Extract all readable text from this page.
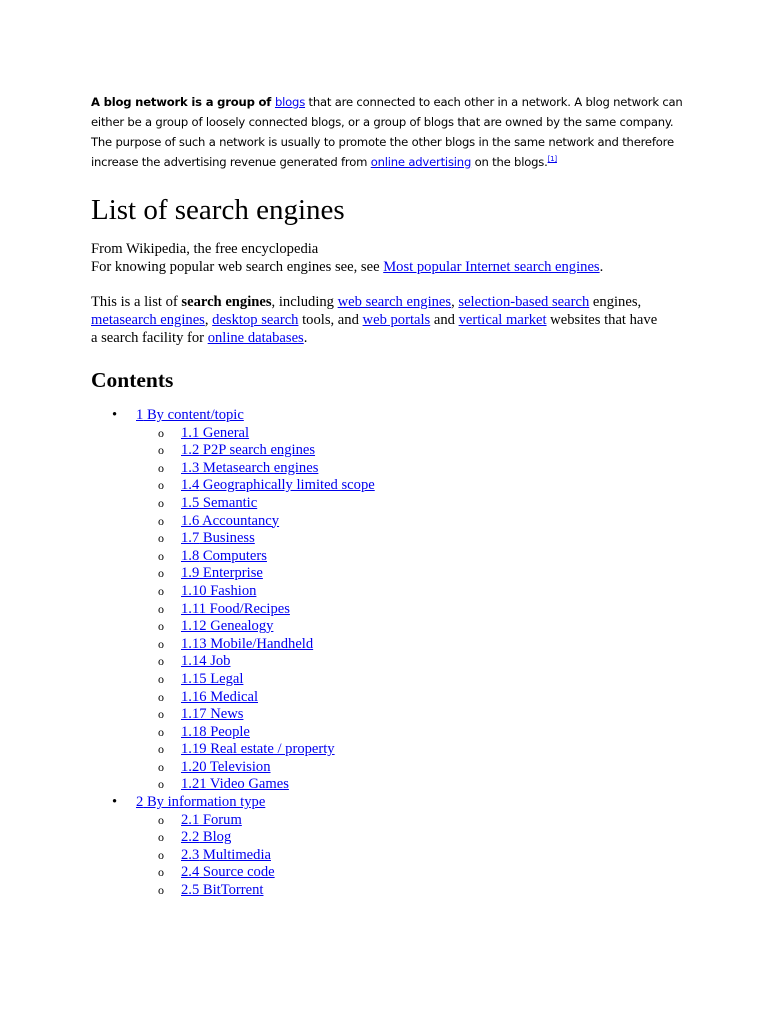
A blog network is a group of blogs that are connected to each other in a network. A blog network can

either be a group of loosely connected blogs, or a group of blogs that are owned by the same company.

The purpose of such a network is usually to promote the other blogs in the same network and therefore

increase the advertising revenue generated from online advertising on the blogs.[1]

List of search engines

From Wikipedia, the free encyclopedia

For knowing popular web search engines see, see Most popular Internet search engines.

This is a list of search engines, including web search engines, selection-based search engines,
metasearch engines, desktop search tools, and web portals and vertical market websites that have
a search facility for online databases.

Contents
•	1 By content/topic
o 1.1 General
o 1.2 P2P search engines
o 1.3 Metasearch engines
o 1.4 Geographically limited scope
o 1.5 Semantic
o 1.6 Accountancy
o 1.7 Business
o 1.8 Computers
o 1.9 Enterprise
o 1.10 Fashion
o 1.11 Food/Recipes
o 1.12 Genealogy
o 1.13 Mobile/Handheld
o 1.14 Job
o 1.15 Legal
o 1.16 Medical
o 1.17 News
o 1.18 People
o 1.19 Real estate / property
o 1.20 Television
o 1.21 Video Games
•	2 By information type
o 2.1 Forum
o 2.2 Blog
o 2.3 Multimedia
o 2.4 Source code
o 2.5 BitTorrent
